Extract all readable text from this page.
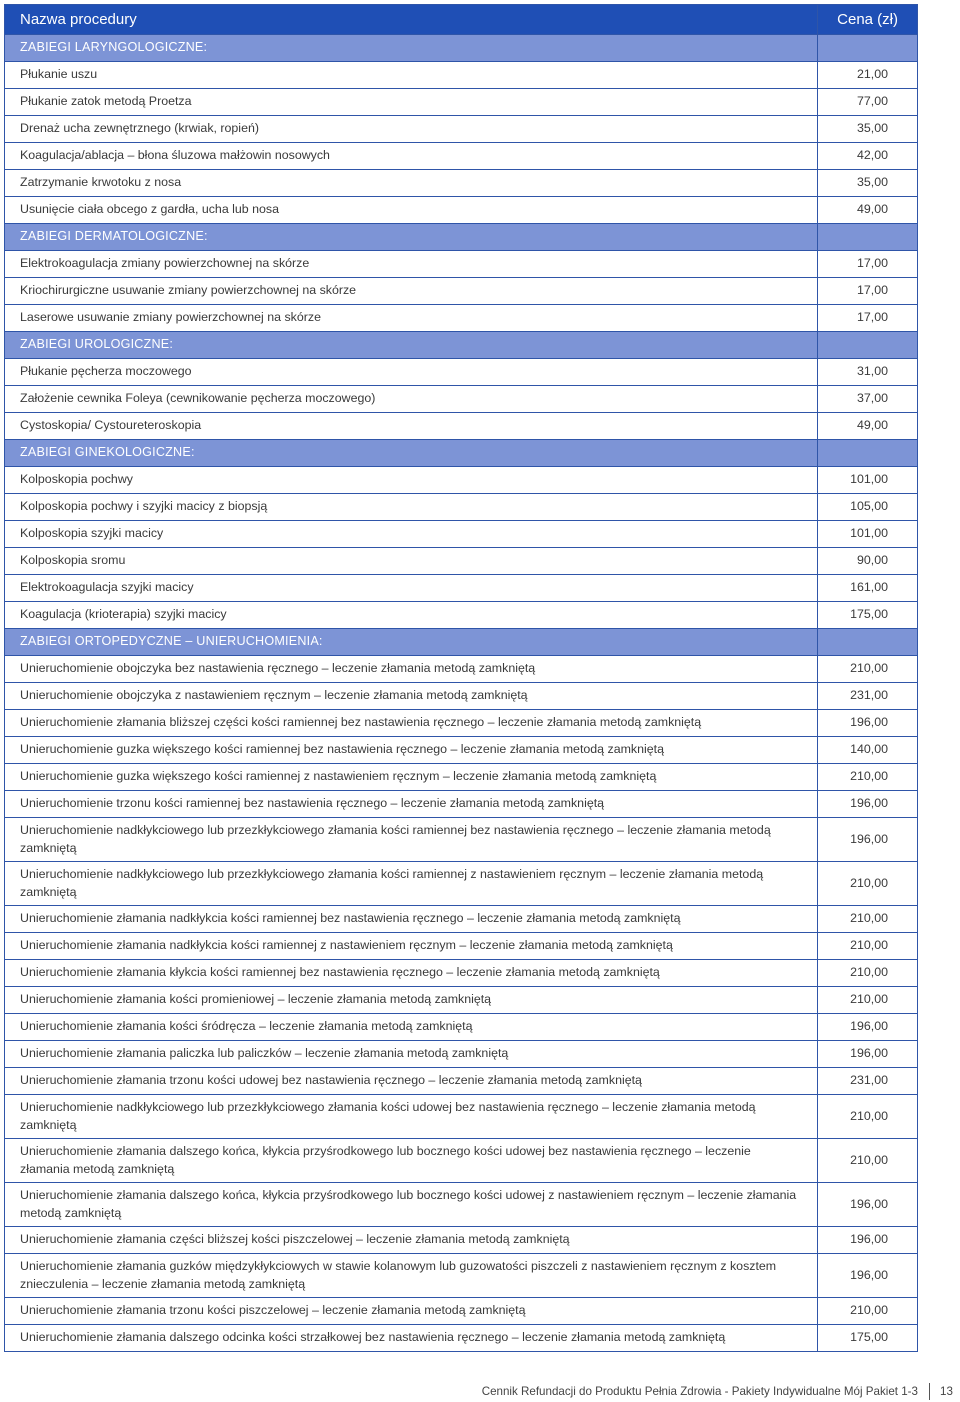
Nazwa procedury	Cena (zł)
ZABIEGI LARYNGOLOGICZNE:	
Płukanie uszu	21,00
Płukanie zatok metodą Proetza	77,00
Drenaż ucha zewnętrznego (krwiak, ropień)	35,00
Koagulacja/ablacja – błona śluzowa małżowin nosowych	42,00
Zatrzymanie krwotoku z nosa	35,00
Usunięcie ciała obcego z gardła, ucha lub nosa	49,00
ZABIEGI DERMATOLOGICZNE:	
Elektrokoagulacja zmiany powierzchownej na skórze	17,00
Kriochirurgiczne usuwanie zmiany powierzchownej na skórze	17,00
Laserowe usuwanie zmiany powierzchownej na skórze	17,00
ZABIEGI UROLOGICZNE:	
Płukanie pęcherza moczowego	31,00
Założenie cewnika Foleya (cewnikowanie pęcherza moczowego)	37,00
Cystoskopia/ Cystoureteroskopia	49,00
ZABIEGI GINEKOLOGICZNE:	
Kolposkopia pochwy	101,00
Kolposkopia pochwy i szyjki macicy z biopsją	105,00
Kolposkopia szyjki macicy	101,00
Kolposkopia sromu	90,00
Elektrokoagulacja szyjki macicy	161,00
Koagulacja (krioterapia) szyjki macicy	175,00
ZABIEGI ORTOPEDYCZNE – UNIERUCHOMIENIA:	
Unieruchomienie obojczyka bez nastawienia ręcznego – leczenie złamania metodą zamkniętą	210,00
Unieruchomienie obojczyka z nastawieniem ręcznym – leczenie złamania metodą zamkniętą	231,00
Unieruchomienie złamania bliższej części kości ramiennej bez nastawienia ręcznego – leczenie złamania metodą zamkniętą	196,00
Unieruchomienie guzka większego kości ramiennej bez nastawienia ręcznego – leczenie złamania metodą zamkniętą	140,00
Unieruchomienie guzka większego kości ramiennej z nastawieniem ręcznym – leczenie złamania metodą zamkniętą	210,00
Unieruchomienie trzonu kości ramiennej bez nastawienia ręcznego – leczenie złamania metodą zamkniętą	196,00
Unieruchomienie nadkłykciowego lub przezkłykciowego złamania kości ramiennej bez nastawienia ręcznego – leczenie złamania metodą zamkniętą	196,00
Unieruchomienie nadkłykciowego lub przezkłykciowego złamania kości ramiennej z nastawieniem ręcznym – leczenie złamania metodą zamkniętą	210,00
Unieruchomienie złamania nadkłykcia kości ramiennej bez nastawienia ręcznego – leczenie złamania metodą zamkniętą	210,00
Unieruchomienie złamania nadkłykcia kości ramiennej z nastawieniem ręcznym – leczenie złamania metodą zamkniętą	210,00
Unieruchomienie złamania kłykcia kości ramiennej bez nastawienia ręcznego – leczenie złamania metodą zamkniętą	210,00
Unieruchomienie złamania kości promieniowej – leczenie złamania metodą zamkniętą	210,00
Unieruchomienie złamania kości śródręcza – leczenie złamania metodą zamkniętą	196,00
Unieruchomienie złamania paliczka lub paliczków – leczenie złamania metodą zamkniętą	196,00
Unieruchomienie złamania trzonu kości udowej bez nastawienia ręcznego – leczenie złamania metodą zamkniętą	231,00
Unieruchomienie nadkłykciowego lub przezkłykciowego złamania kości udowej bez nastawienia ręcznego – leczenie złamania metodą zamkniętą	210,00
Unieruchomienie złamania dalszego końca, kłykcia przyśrodkowego lub bocznego kości udowej bez nastawienia ręcznego – leczenie złamania metodą zamkniętą	210,00
Unieruchomienie złamania dalszego końca, kłykcia przyśrodkowego lub bocznego kości udowej z nastawieniem ręcznym – leczenie złamania metodą zamkniętą	196,00
Unieruchomienie złamania części bliższej kości piszczelowej – leczenie złamania metodą zamkniętą	196,00
Unieruchomienie złamania guzków międzykłykciowych w stawie kolanowym lub guzowatości piszczeli z nastawieniem ręcznym z kosztem znieczulenia – leczenie złamania metodą zamkniętą	196,00
Unieruchomienie złamania trzonu kości piszczelowej – leczenie złamania metodą zamkniętą	210,00
Unieruchomienie złamania dalszego odcinka kości strzałkowej bez nastawienia ręcznego – leczenie złamania metodą zamkniętą	175,00
Cennik Refundacji do Produktu Pełnia Zdrowia - Pakiety Indywidualne Mój Pakiet 1-3 13
